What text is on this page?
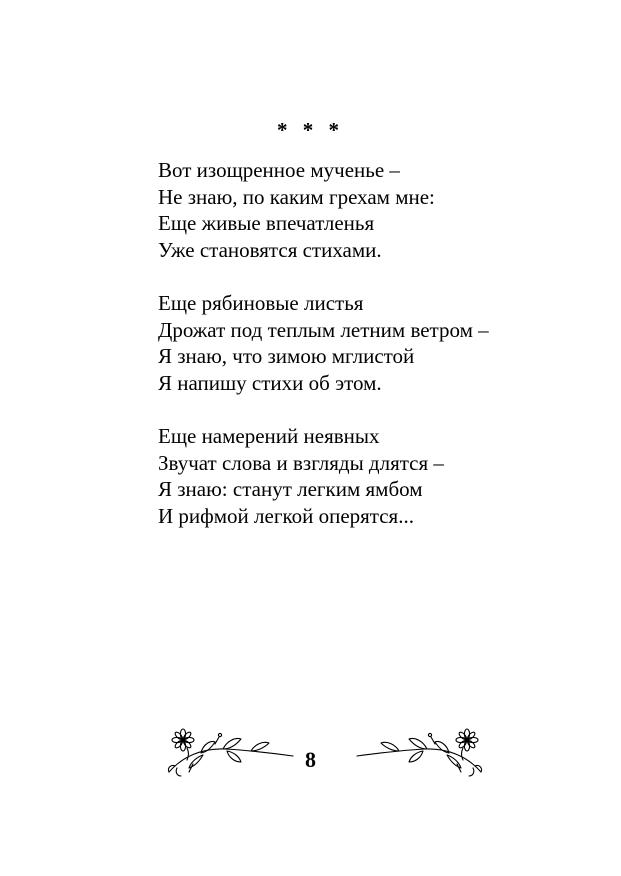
* * *
Вот изощренное мученье –
Не знаю, по каким грехам мне:
Еще живые впечатленья
Уже становятся стихами.
Еще рябиновые листья
Дрожат под теплым летним ветром –
Я знаю, что зимою мглистой
Я напишу стихи об этом.
Еще намерений неявных
Звучат слова и взгляды длятся –
Я знаю: станут легким ямбом
И рифмой легкой оперятся...
8
